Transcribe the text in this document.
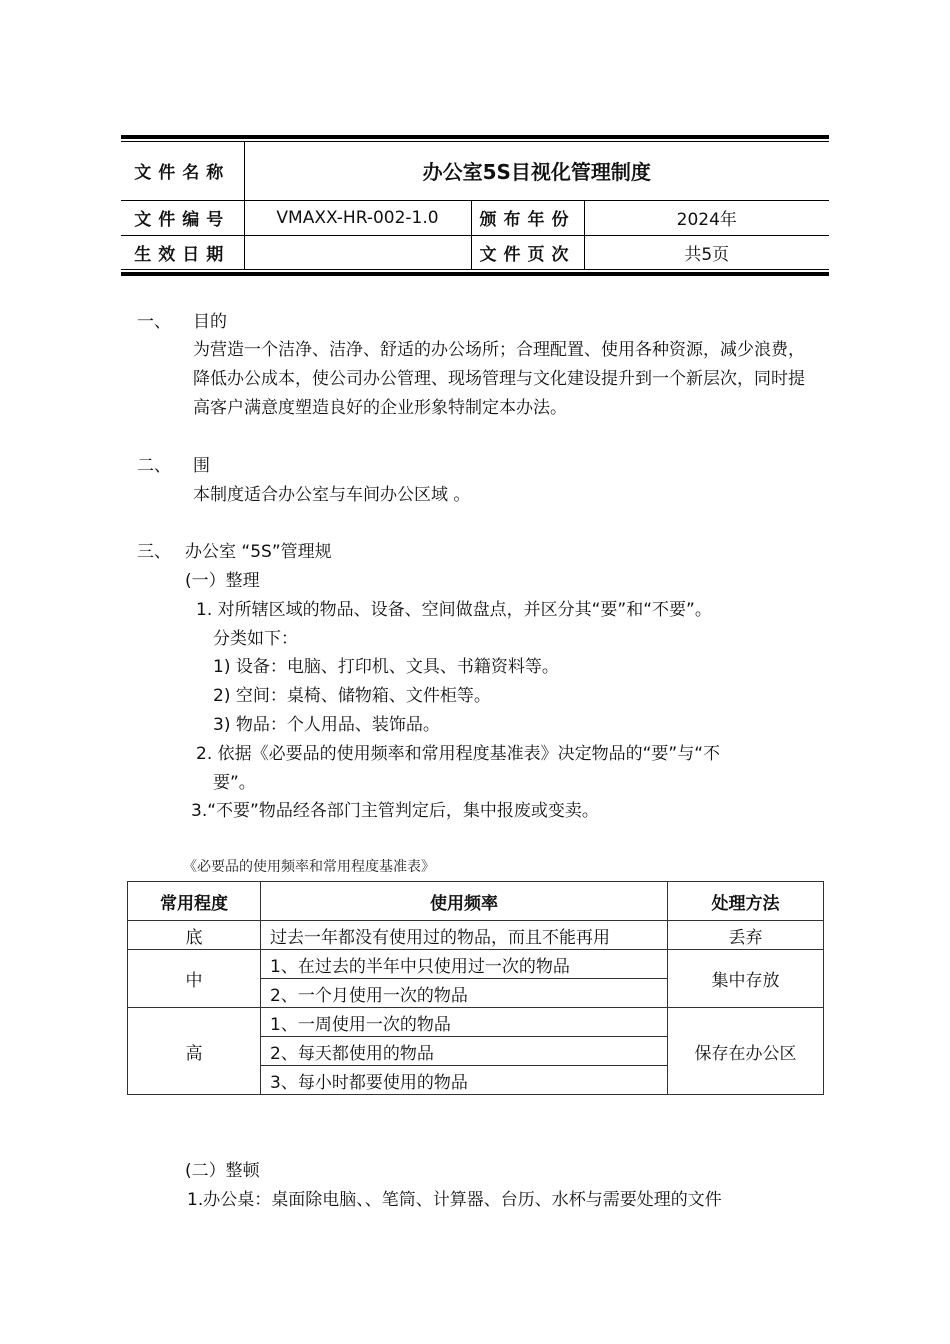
文件名称	办公室5S目视化管理制度		
文件编号	VMAXX-HR-002-1.0	颁布年份	2024年
生效日期		文件页次	共5页
一、 目的
为营造一个洁净、洁净、舒适的办公场所；合理配置、使用各种资源，减少浪费，降低办公成本，使公司办公管理、现场管理与文化建设提升到一个新层次，同时提高客户满意度塑造良好的企业形象特制定本办法。
二、 围
本制度适合办公室与车间办公区域 。
三、 办公室 “5S”管理规
(一）整理
1. 对所辖区域的物品、设备、空间做盘点，并区分其“要”和“不要”。
分类如下：
1) 设备：电脑、打印机、文具、书籍资料等。
2) 空间：桌椅、储物箱、文件柜等。
3) 物品：个人用品、装饰品。
2. 依据《必要品的使用频率和常用程度基准表》决定物品的“要”与“不
要”。
3.“不要”物品经各部门主管判定后，集中报废或变卖。
《必要品的使用频率和常用程度基准表》
常用程度	使用频率	处理方法
底	过去一年都没有使用过的物品，而且不能再用	丢弃
中	1、在过去的半年中只使用过一次的物品	集中存放
	2、一个月使用一次的物品	
高	1、一周使用一次的物品	保存在办公区
	2、每天都使用的物品	
	3、每小时都要使用的物品	
(二）整顿
1.办公桌：桌面除电脑、、笔筒、计算器、台历、水杯与需要处理的文件
